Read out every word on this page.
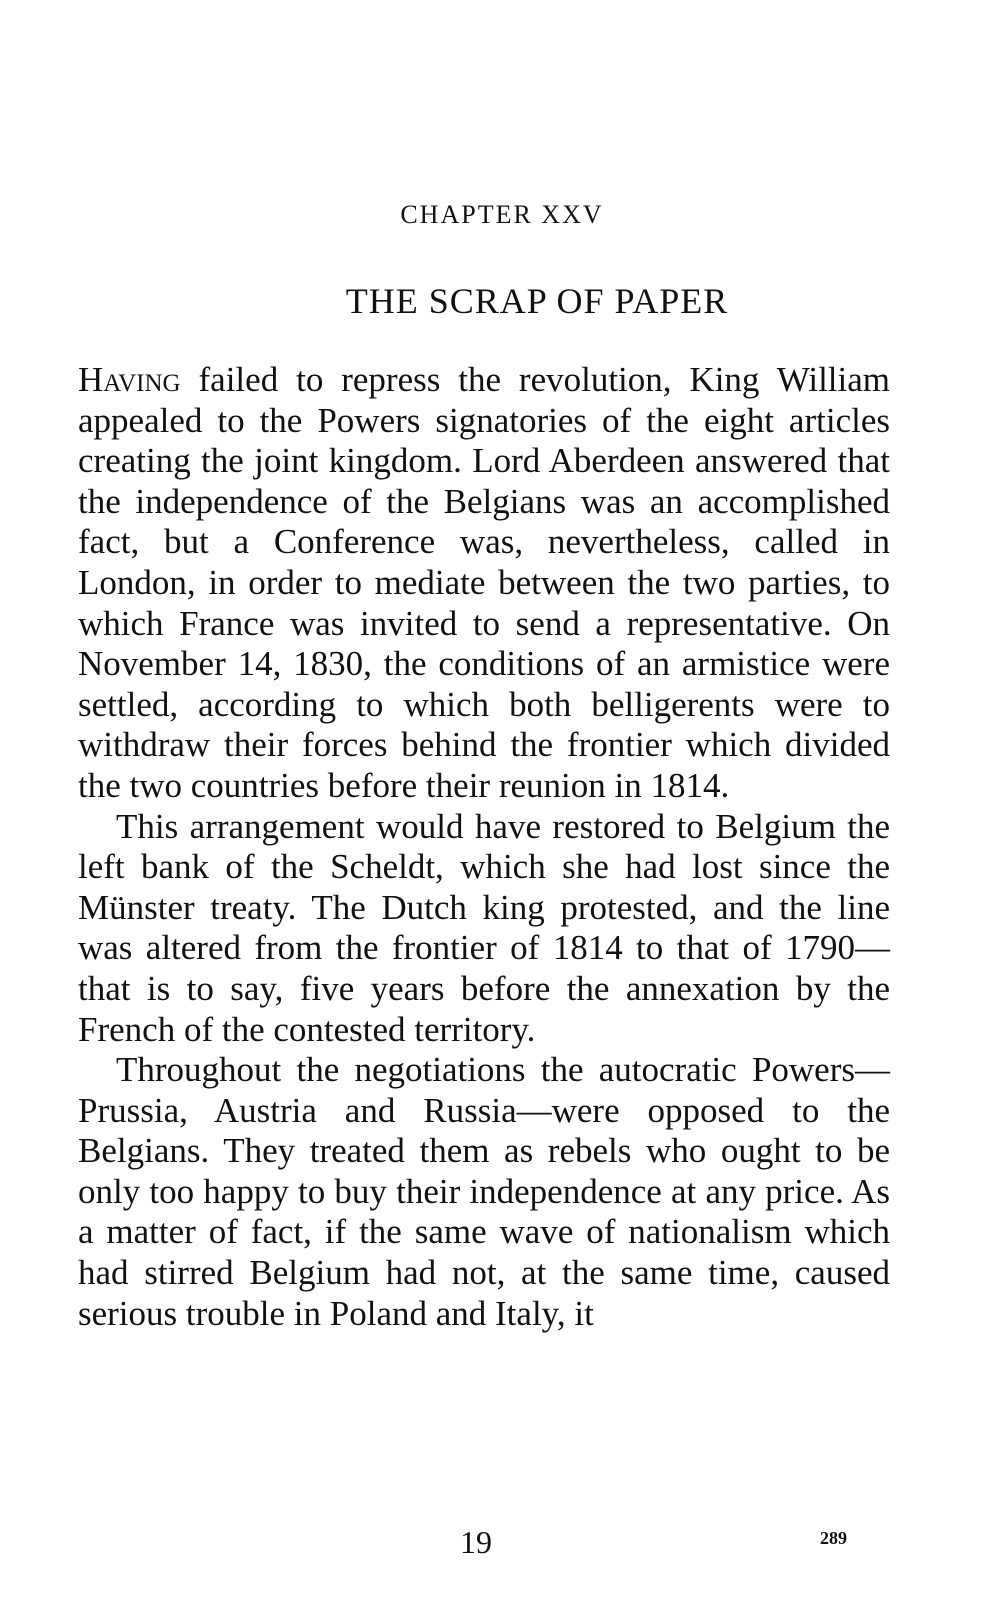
CHAPTER XXV
THE SCRAP OF PAPER

Having failed to repress the revolution, King William appealed to the Powers signatories of the eight articles creating the joint kingdom. Lord Aberdeen answered that the independence of the Belgians was an accomplished fact, but a Conference was, nevertheless, called in London, in order to mediate between the two parties, to which France was invited to send a representative. On November 14, 1830, the conditions of an armistice were settled, according to which both belligerents were to withdraw their forces behind the frontier which divided the two countries before their reunion in 1814.

This arrangement would have restored to Belgium the left bank of the Scheldt, which she had lost since the Münster treaty. The Dutch king protested, and the line was altered from the frontier of 1814 to that of 1790—that is to say, five years before the annexation by the French of the contested territory.

Throughout the negotiations the autocratic Powers—Prussia, Austria and Russia—were opposed to the Belgians. They treated them as rebels who ought to be only too happy to buy their independence at any price. As a matter of fact, if the same wave of nationalism which had stirred Belgium had not, at the same time, caused serious trouble in Poland and Italy, it

19	289
